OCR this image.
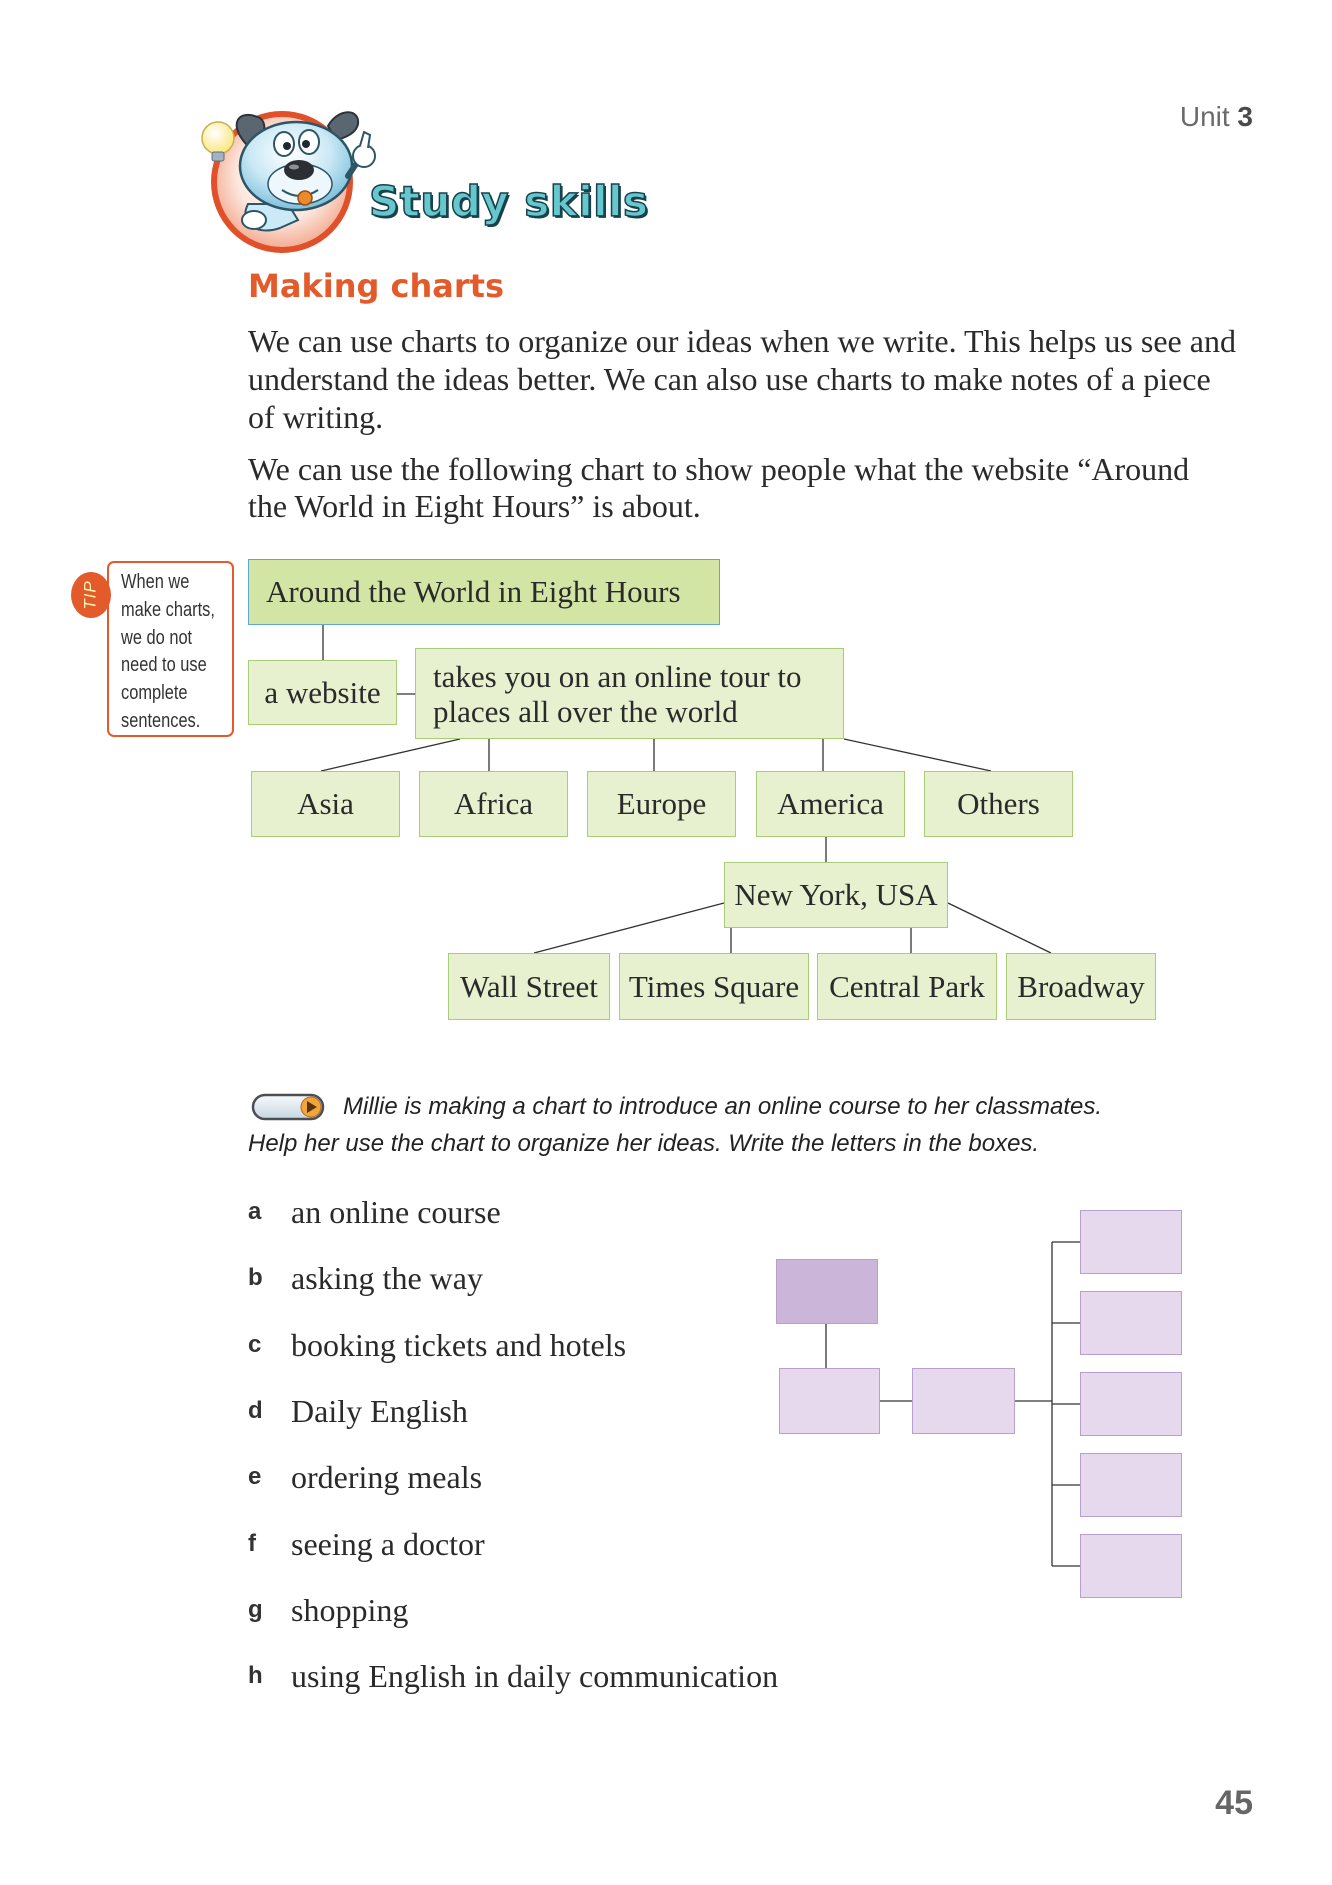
Unit 3
Study skills
Making charts
We can use charts to organize our ideas when we write. This helps us see and
understand the ideas better. We can also use charts to make notes of a piece
of writing.
We can use the following chart to show people what the website “Around
the World in Eight Hours” is about.
When we
make charts,
we do not
need to use
complete
sentences.
TIP	Around the World in Eight Hours
a website	takes you on an online tour to
places all over the world
Asia	Africa	Europe	America	Others
New York, USA
Wall Street Times Square Central Park	Broadway
Millie is making a chart to introduce an online course to her classmates.
Help her use the chart to organize her ideas. Write the letters in the boxes.
a an online course
b asking the way
c booking tickets and hotels
d Daily English
e ordering meals
f	seeing a doctor
g shopping
h using English in daily communication
45
